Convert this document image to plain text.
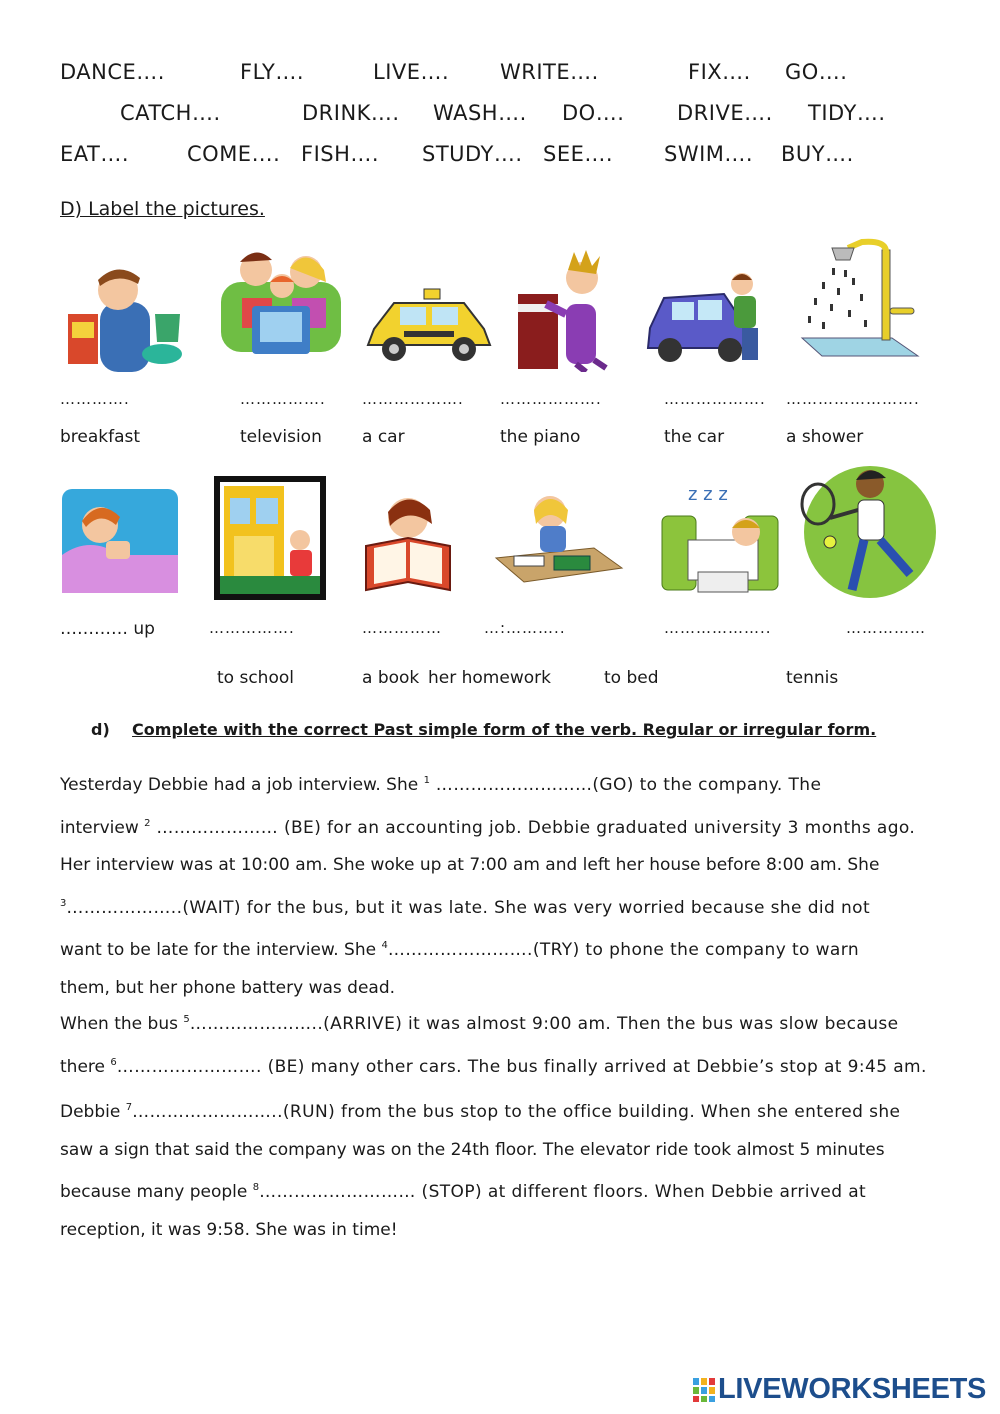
DANCE….	FLY….	LIVE…. WRITE….	FIX…. GO….
CATCH….	DRINK…. WASH…. DO….	DRIVE…. TIDY….
EAT….	COME…. FISH…. STUDY…. SEE…. SWIM…. BUY….
D) Label the pictures.
………….	……………. ………………. ……………….	………………. …………………….
breakfast	television a car	the piano	the car	a shower
z z z
………… up	…………….	……………	…:………..	………………..	……………
to school	a book her homework	to bed	tennis
d) Complete with the correct Past simple form of the verb. Regular or irregular form.

Yesterday Debbie had a job interview. She $^1$ ………………………(GO) to the company. The

interview $^2$ ………………… (BE) for an accounting job. Debbie graduated university 3 months ago.

Her interview was at 10:00 am. She woke up at 7:00 am and left her house before 8:00 am. She

$^3$………………..(WAIT) for the bus, but it was late. She was very worried because she did not

want to be late for the interview. She $^4$…………………….(TRY) to phone the company to warn

them, but her phone battery was dead.

When the bus $^5$…………………..(ARRIVE) it was almost 9:00 am. Then the bus was slow because

there $^6$……………………. (BE) many other cars. The bus finally arrived at Debbie’s stop at 9:45 am.

Debbie $^7$……………………..(RUN) from the bus stop to the office building. When she entered she

saw a sign that said the company was on the 24th floor. The elevator ride took almost 5 minutes

because many people $^8$……………………… (STOP) at different floors. When Debbie arrived at

reception, it was 9:58. She was in time!

LIVEWORKSHEETS
